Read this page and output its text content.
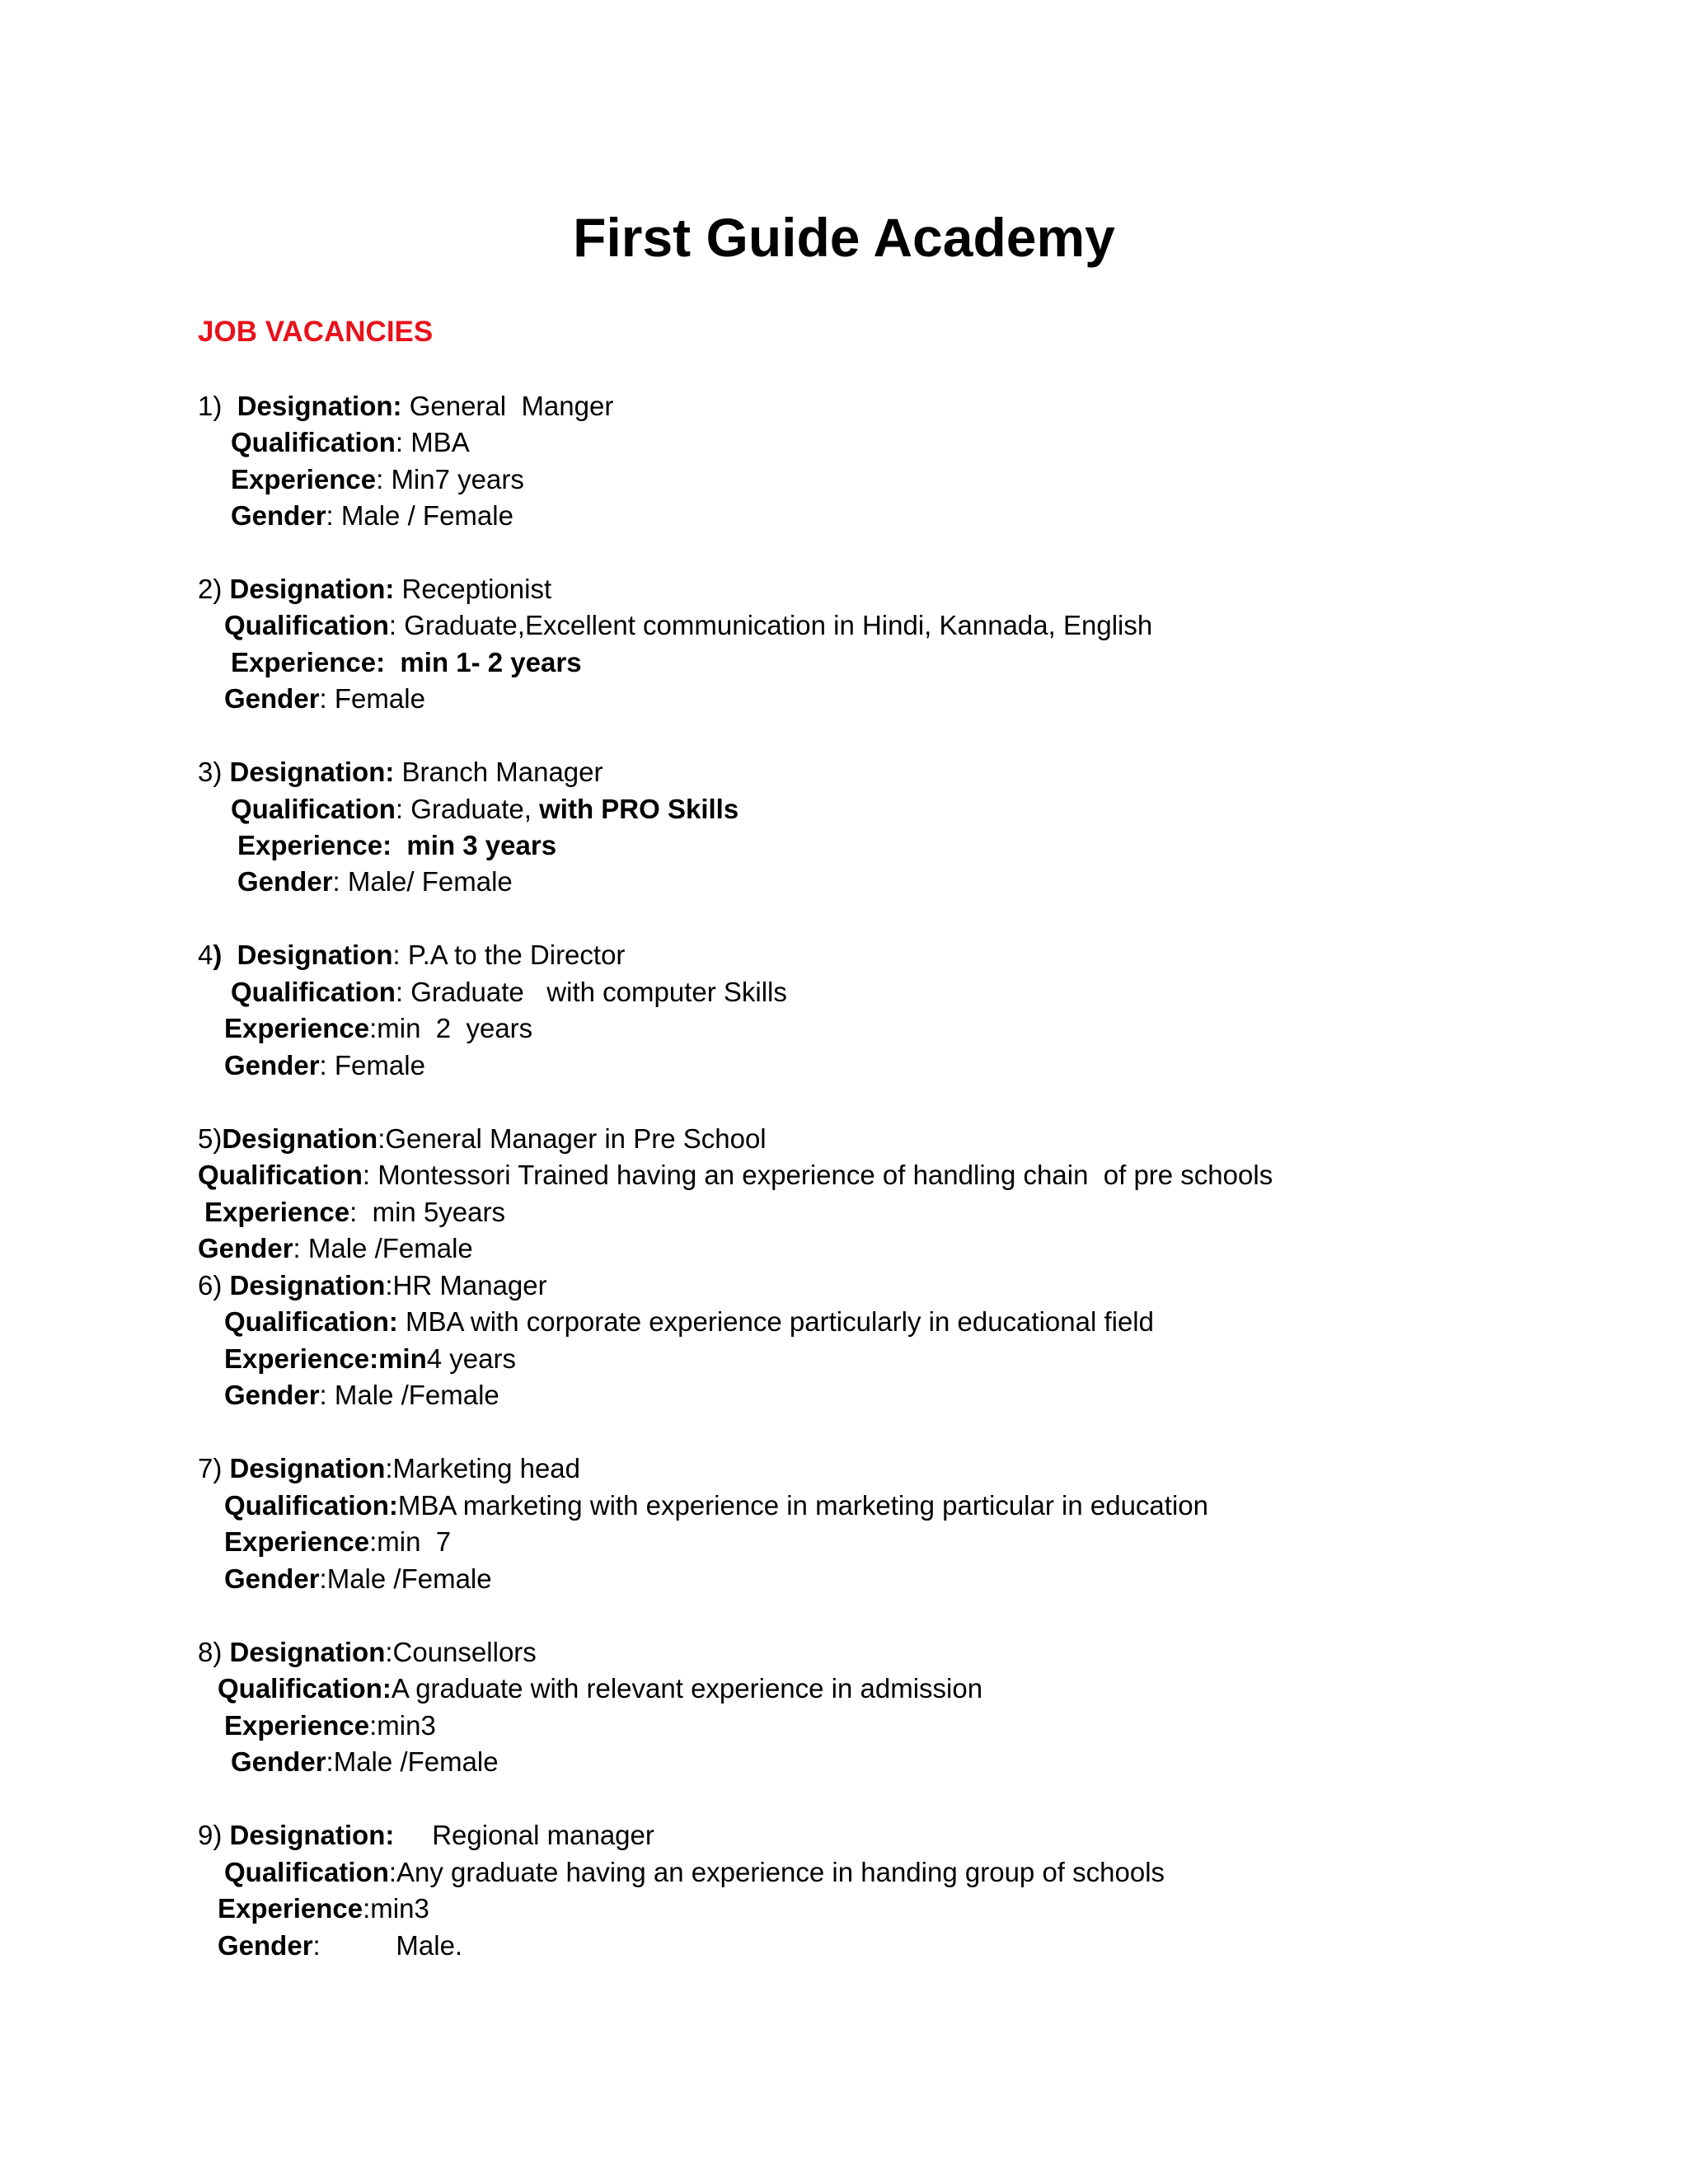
First Guide Academy
JOB VACANCIES
1)  Designation: General  Manger
Qualification: MBA
Experience: Min7 years
Gender: Male / Female
2) Designation: Receptionist
Qualification: Graduate,Excellent communication in Hindi, Kannada, English
Experience:  min 1- 2 years
Gender: Female
3) Designation: Branch Manager
Qualification: Graduate, with PRO Skills
Experience:  min 3 years
Gender: Male/ Female
4)  Designation: P.A to the Director
Qualification: Graduate   with computer Skills
Experience:min  2  years
Gender: Female
5)Designation:General Manager in Pre School
Qualification: Montessori Trained having an experience of handling chain  of pre schools
Experience:  min 5years
Gender: Male /Female
6) Designation:HR Manager
Qualification: MBA with corporate experience particularly in educational field
Experience:min4 years
Gender: Male /Female
7) Designation:Marketing head
Qualification:MBA marketing with experience in marketing particular in education
Experience:min  7
Gender:Male /Female
8) Designation:Counsellors
Qualification:A graduate with relevant experience in admission
Experience:min3
Gender:Male /Female
9) Designation:     Regional manager
Qualification:Any graduate having an experience in handing group of schools
Experience:min3
Gender:          Male.
